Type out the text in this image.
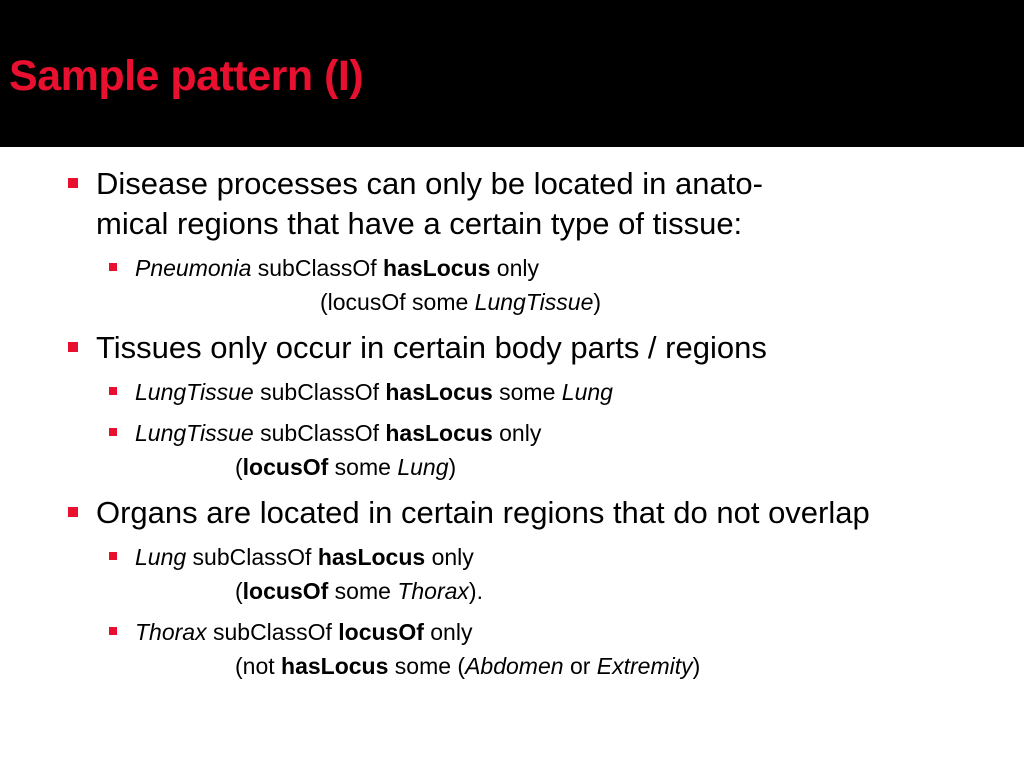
Sample pattern (I)
Disease processes can only be located in anato-
mical regions that have a certain type of tissue:
Pneumonia subClassOf hasLocus only
(locusOf some LungTissue)
Tissues only occur in certain body parts / regions
LungTissue subClassOf hasLocus some Lung
LungTissue subClassOf hasLocus only
(locusOf some Lung)
Organs are located in certain regions that do not overlap
Lung subClassOf hasLocus only
(locusOf some Thorax).
Thorax subClassOf locusOf only
(not hasLocus some (Abdomen or Extremity)
